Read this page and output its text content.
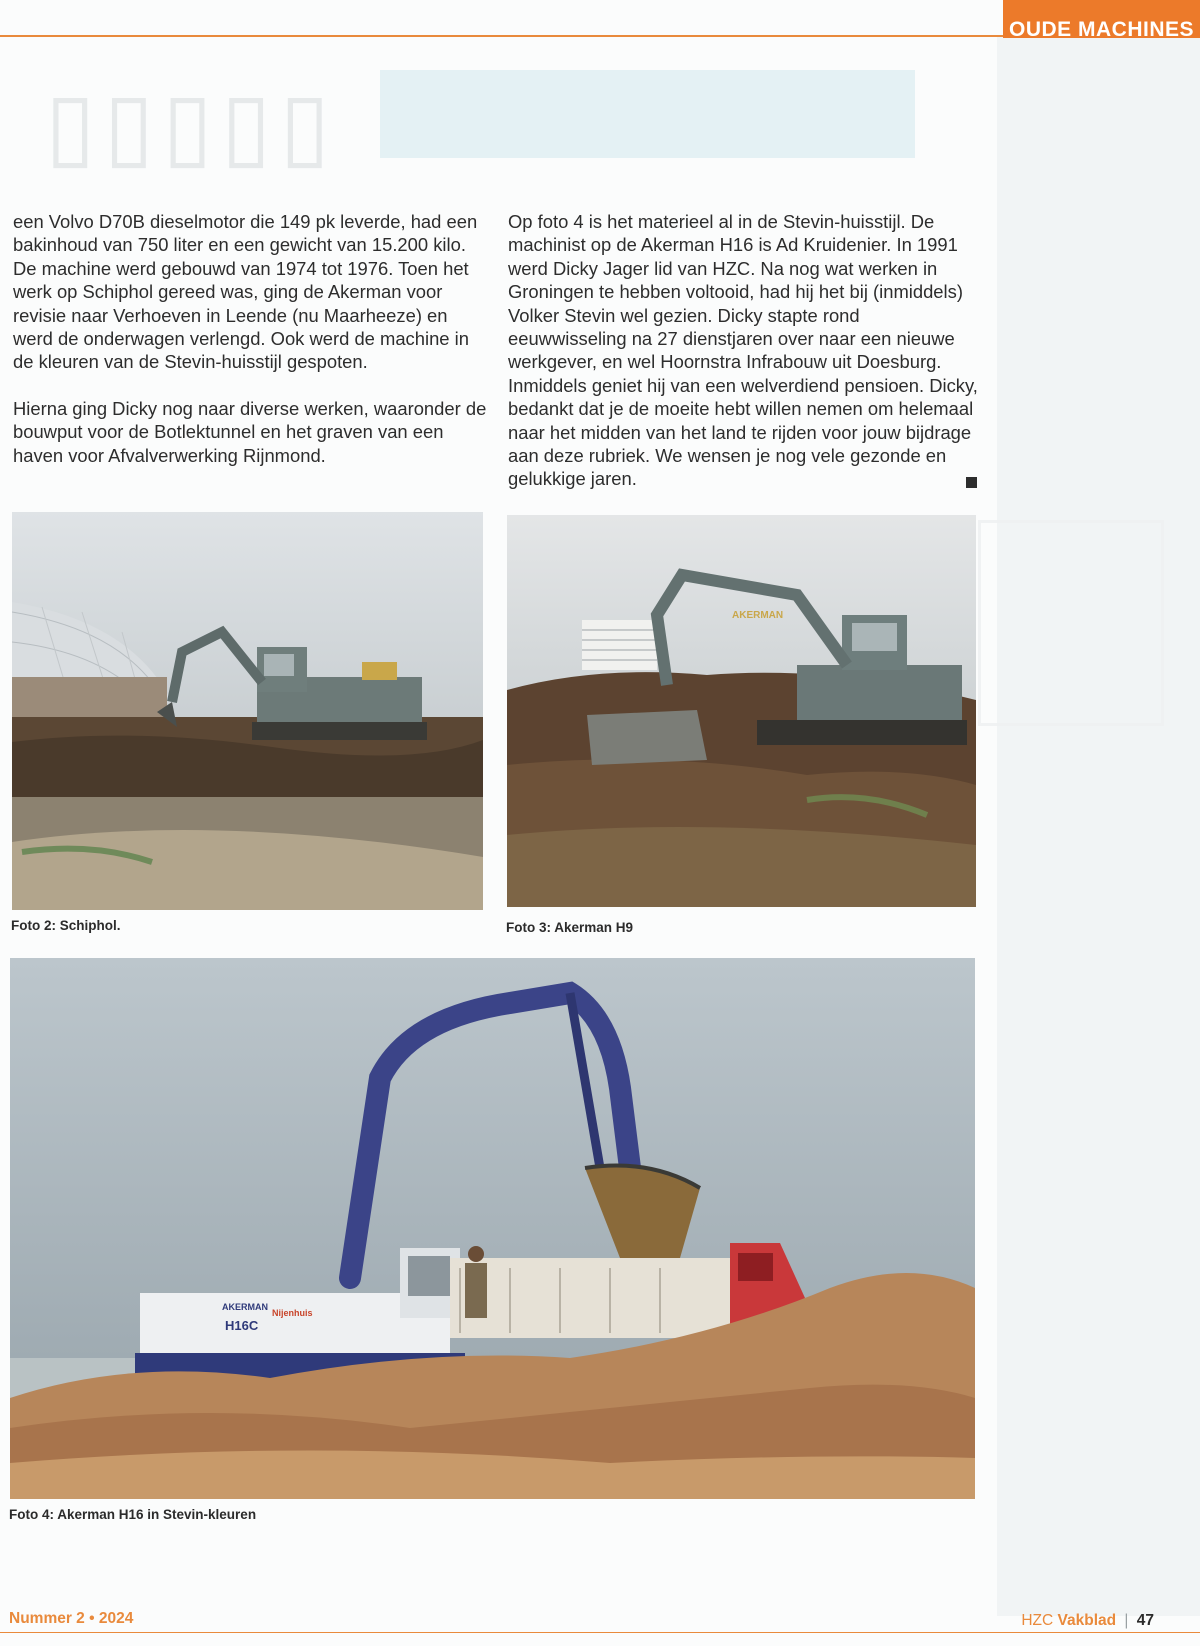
▯▯▯▯▯
OUDE MACHINES

een Volvo D70B dieselmotor die 149 pk leverde, had een bakinhoud van 750 liter en een gewicht van 15.200 kilo. De machine werd gebouwd van 1974 tot 1976. Toen het werk op Schiphol gereed was, ging de Akerman voor revisie naar Verhoeven in Leende (nu Maarheeze) en werd de onderwagen verlengd. Ook werd de machine in de kleuren van de Stevin-huisstijl gespoten.

Hierna ging Dicky nog naar diverse werken, waaronder de bouwput voor de Botlektunnel en het graven van een haven voor Afvalverwerking Rijnmond.

Op foto 4 is het materieel al in de Stevin-huisstijl. De machinist op de Akerman H16 is Ad Kruidenier. In 1991 werd Dicky Jager lid van HZC. Na nog wat werken in Groningen te hebben voltooid, had hij het bij (inmiddels) Volker Stevin wel gezien. Dicky stapte rond eeuwwisseling na 27 dienstjaren over naar een nieuwe werkgever, en wel Hoornstra Infrabouw uit Doesburg. Inmiddels geniet hij van een welverdiend pensioen. Dicky, bedankt dat je de moeite hebt willen nemen om helemaal naar het midden van het land te rijden voor jouw bijdrage aan deze rubriek. We wensen je nog vele gezonde en gelukkige jaren.

Foto 2: Schiphol.
AKERMAN
Foto 3: Akerman H9
AKERMAN
H16C
Nijenhuis
Foto 4: Akerman H16 in Stevin-kleuren
Nummer 2 • 2024	HZC Vakblad | 47
